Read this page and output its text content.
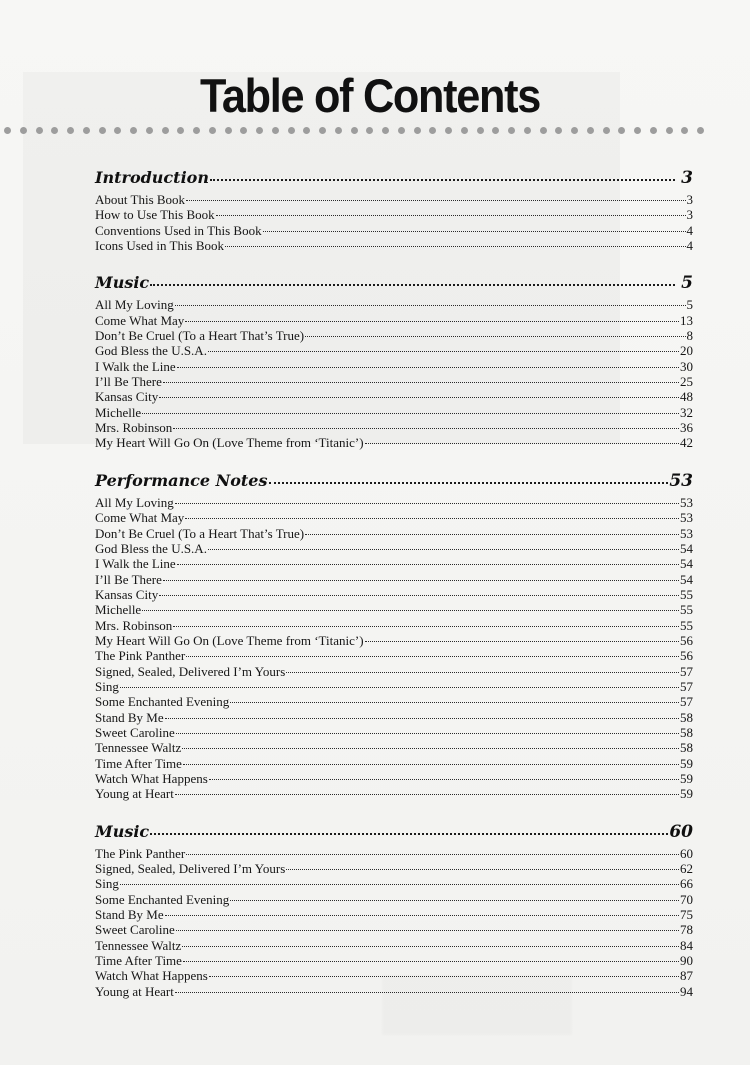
Table of Contents
Introduction	3
About This Book	3
How to Use This Book	3
Conventions Used in This Book	4
Icons Used in This Book	4
Music	5
All My Loving	5
Come What May	13
Don’t Be Cruel (To a Heart That’s True)	8
God Bless the U.S.A.	20
I Walk the Line	30
I’ll Be There	25
Kansas City	48
Michelle	32
Mrs. Robinson	36
My Heart Will Go On (Love Theme from ‘Titanic’)	42
Performance Notes	53
All My Loving	53
Come What May	53
Don’t Be Cruel (To a Heart That’s True)	53
God Bless the U.S.A.	54
I Walk the Line	54
I’ll Be There	54
Kansas City	55
Michelle	55
Mrs. Robinson	55
My Heart Will Go On (Love Theme from ‘Titanic’)	56
The Pink Panther	56
Signed, Sealed, Delivered I’m Yours	57
Sing	57
Some Enchanted Evening	57
Stand By Me	58
Sweet Caroline	58
Tennessee Waltz	58
Time After Time	59
Watch What Happens	59
Young at Heart	59
Music	60
The Pink Panther	60
Signed, Sealed, Delivered I’m Yours	62
Sing	66
Some Enchanted Evening	70
Stand By Me	75
Sweet Caroline	78
Tennessee Waltz	84
Time After Time	90
Watch What Happens	87
Young at Heart	94
